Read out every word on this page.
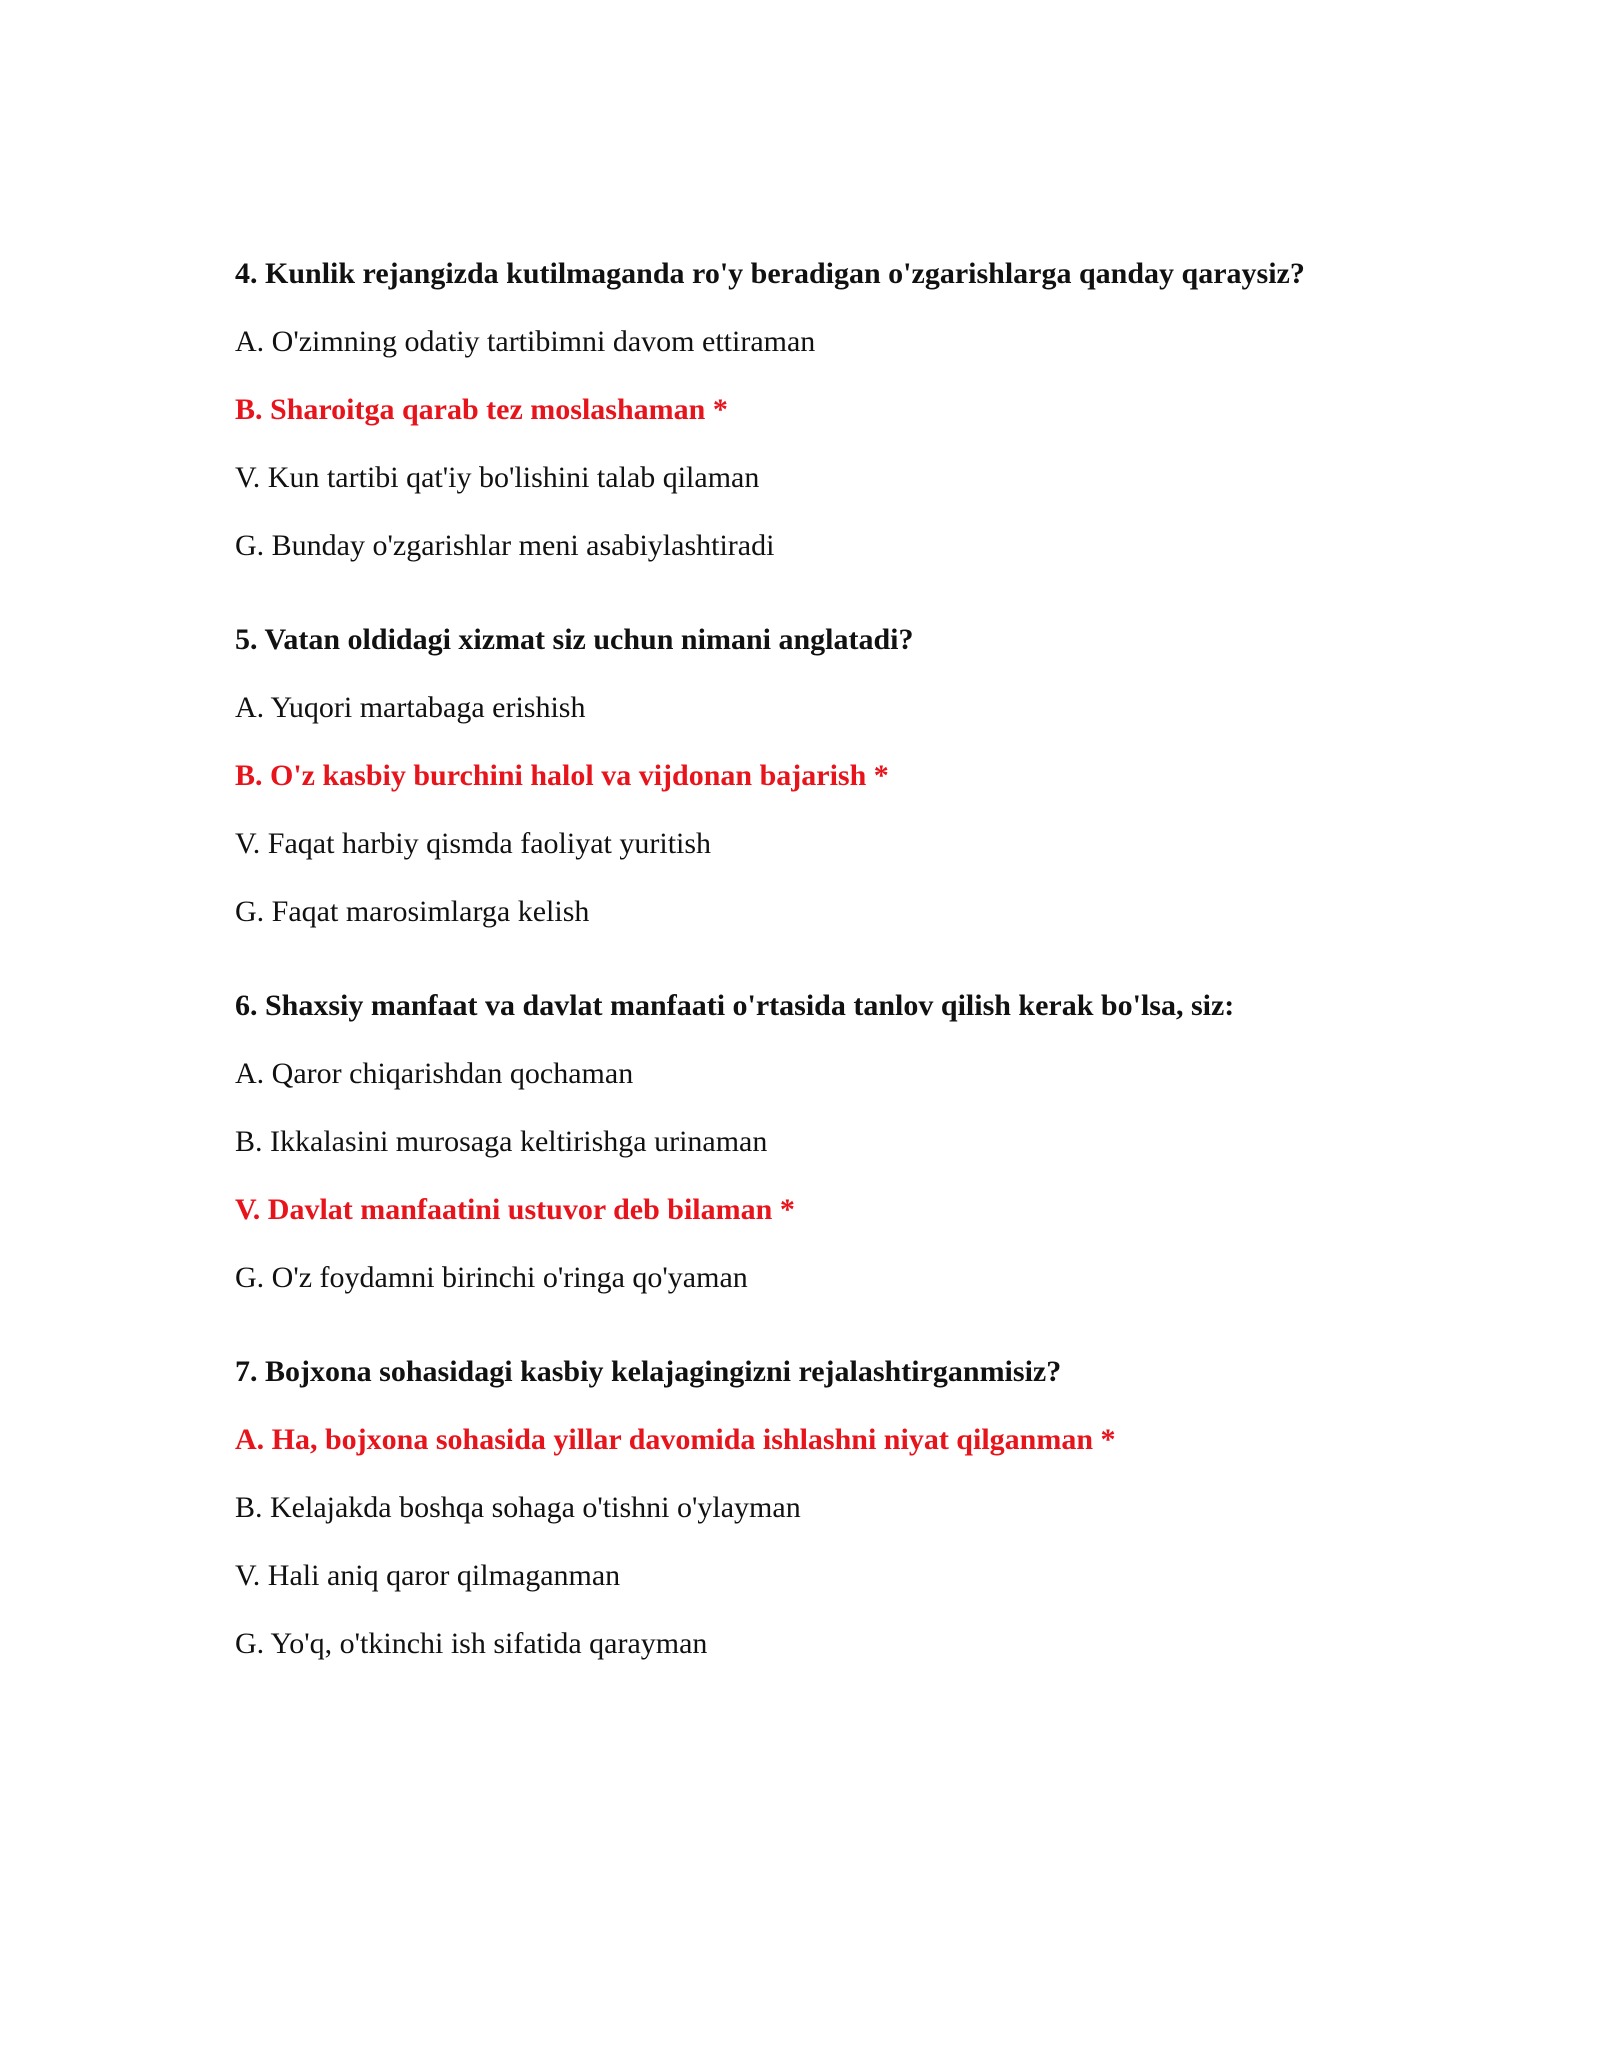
4. Kunlik rejangizda kutilmaganda ro'y beradigan o'zgarishlarga qanday qaraysiz?
A. O'zimning odatiy tartibimni davom ettiraman
B. Sharoitga qarab tez moslashaman *
V. Kun tartibi qat'iy bo'lishini talab qilaman
G. Bunday o'zgarishlar meni asabiylashtiradi
5. Vatan oldidagi xizmat siz uchun nimani anglatadi?
A. Yuqori martabaga erishish
B. O'z kasbiy burchini halol va vijdonan bajarish *
V. Faqat harbiy qismda faoliyat yuritish
G. Faqat marosimlarga kelish
6. Shaxsiy manfaat va davlat manfaati o'rtasida tanlov qilish kerak bo'lsa, siz:
A. Qaror chiqarishdan qochaman
B. Ikkalasini murosaga keltirishga urinaman
V. Davlat manfaatini ustuvor deb bilaman *
G. O'z foydamni birinchi o'ringa qo'yaman
7. Bojxona sohasidagi kasbiy kelajagingizni rejalashtirganmisiz?
A. Ha, bojxona sohasida yillar davomida ishlashni niyat qilganman *
B. Kelajakda boshqa sohaga o'tishni o'ylayman
V. Hali aniq qaror qilmaganman
G. Yo'q, o'tkinchi ish sifatida qarayman
